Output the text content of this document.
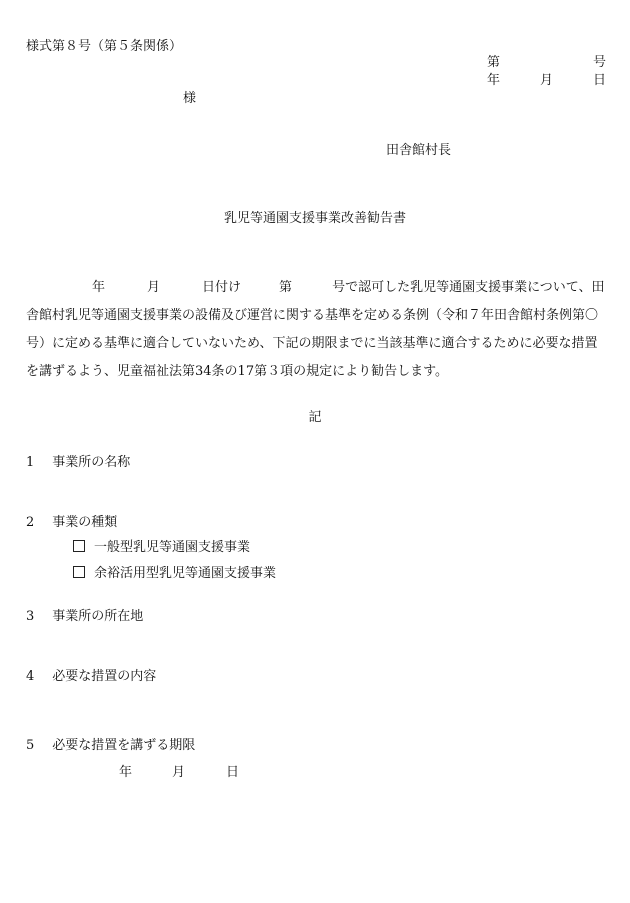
様式第８号（第５条関係）
第	号
年	月	日
様
田舎館村長
乳児等通園支援事業改善勧告書
年	月	日付け	第	号で認可した乳児等通園支援事業について、田
舎館村乳児等通園支援事業の設備及び運営に関する基準を定める条例（令和７年田舎館村条例第〇
号）に定める基準に適合していないため、下記の期限までに当該基準に適合するために必要な措置
を講ずるよう、児童福祉法第34条の17第３項の規定により勧告します。
記
1 事業所の名称
2 事業の種類
一般型乳児等通園支援事業
余裕活用型乳児等通園支援事業
3 事業所の所在地
4 必要な措置の内容
5 必要な措置を講ずる期限
年	月	日
